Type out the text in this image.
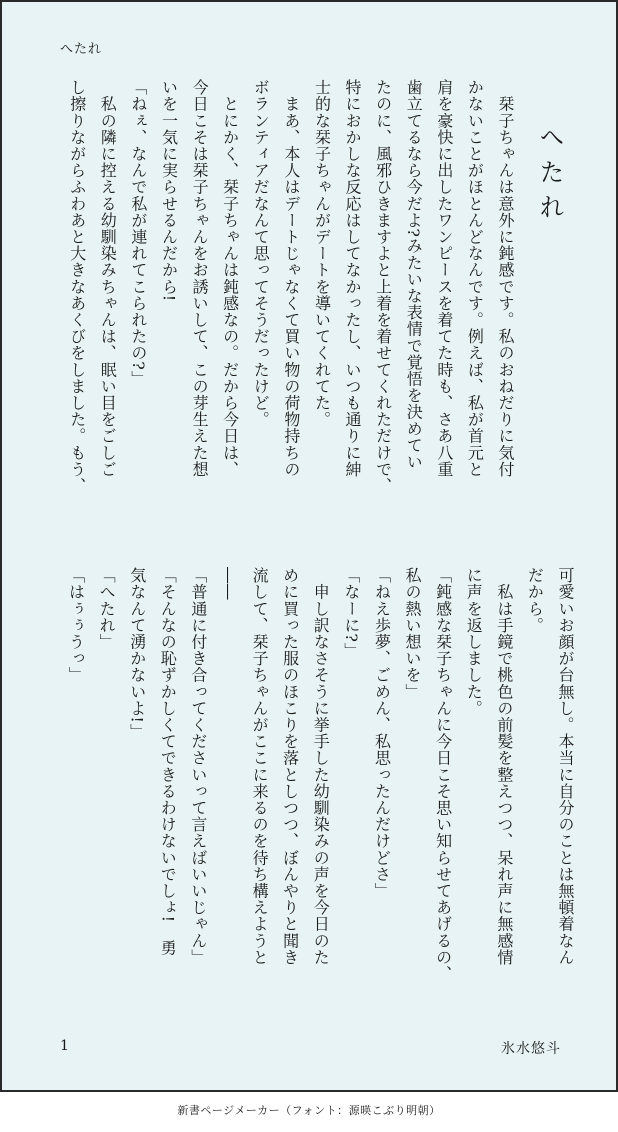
へたれ
へたれ
　栞子ちゃんは意外に鈍感です。私のおねだりに気付
かないことがほとんどなんです。例えば、私が首元と
肩を豪快に出したワンピースを着てた時も、さあ八重
歯立てるなら今だよ?みたいな表情で覚悟を決めてい
たのに、風邪ひきますよと上着を着せてくれただけで、
特におかしな反応はしてなかったし、いつも通りに紳
士的な栞子ちゃんがデートを導いてくれてた。
　まあ、本人はデートじゃなくて買い物の荷物持ちの
ボランティアだなんて思ってそうだったけど。
　とにかく、栞子ちゃんは鈍感なの。だから今日は、
今日こそは栞子ちゃんをお誘いして、この芽生えた想
いを一気に実らせるんだから!
「ねぇ、なんで私が連れてこられたの?」
　私の隣に控える幼馴染みちゃんは、眠い目をごしご
し擦りながらふわあと大きなあくびをしました。もう、
可愛いお顔が台無し。本当に自分のことは無頓着なん
だから。
　私は手鏡で桃色の前髪を整えつつ、呆れ声に無感情
に声を返しました。
「鈍感な栞子ちゃんに今日こそ思い知らせてあげるの、
私の熱い想いを」
「ねえ歩夢、ごめん、私思ったんだけどさ」
「なーに?」
　申し訳なさそうに挙手した幼馴染みの声を今日のた
めに買った服のほこりを落としつつ、ぼんやりと聞き
流して、栞子ちゃんがここに来るのを待ち構えようと
――
「普通に付き合ってくださいって言えばいいじゃん」
「そんなの恥ずかしくてできるわけないでしょ!　勇
気なんて湧かないよ!」
「へたれ」
「はぅぅうっ」
1	氷水悠斗
新書ページメーカー（フォント：源暎こぶり明朝）
